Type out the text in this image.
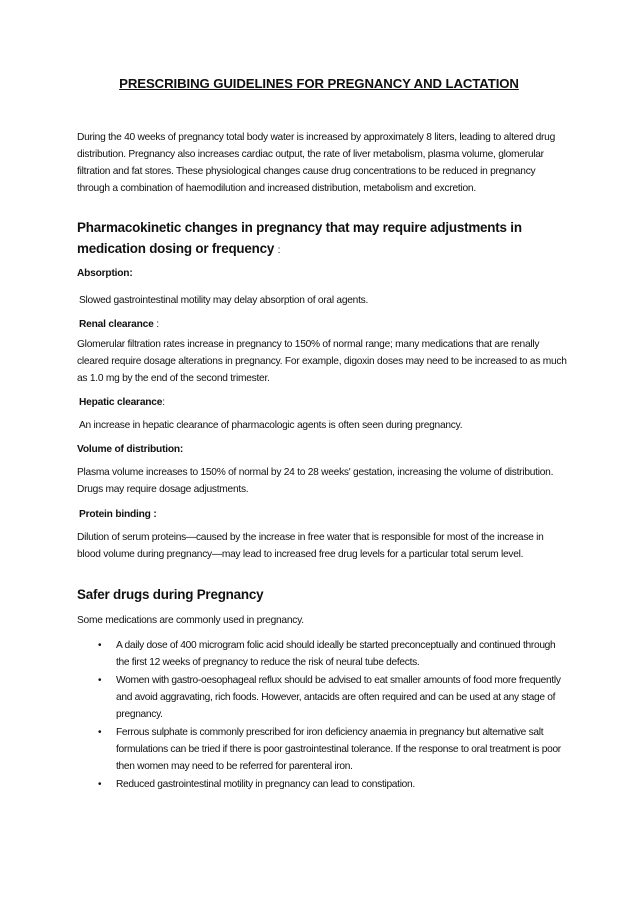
PRESCRIBING GUIDELINES FOR PREGNANCY AND LACTATION

During the 40 weeks of pregnancy total body water is increased by approximately 8 liters, leading to altered drug distribution. Pregnancy also increases cardiac output, the rate of liver metabolism, plasma volume, glomerular filtration and fat stores. These physiological changes cause drug concentrations to be reduced in pregnancy through a combination of haemodilution and increased distribution, metabolism and excretion.

Pharmacokinetic changes in pregnancy that may require adjustments in medication dosing or frequency :

Absorption:

Slowed gastrointestinal motility may delay absorption of oral agents.

Renal clearance :

Glomerular filtration rates increase in pregnancy to 150% of normal range; many medications that are renally cleared require dosage alterations in pregnancy. For example, digoxin doses may need to be increased to as much as 1.0 mg by the end of the second trimester.

Hepatic clearance:

An increase in hepatic clearance of pharmacologic agents is often seen during pregnancy.

Volume of distribution:

Plasma volume increases to 150% of normal by 24 to 28 weeks' gestation, increasing the volume of distribution. Drugs may require dosage adjustments.

Protein binding :

Dilution of serum proteins—caused by the increase in free water that is responsible for most of the increase in blood volume during pregnancy—may lead to increased free drug levels for a particular total serum level.

Safer drugs during Pregnancy

Some medications are commonly used in pregnancy.

• A daily dose of 400 microgram folic acid should ideally be started preconceptually and continued through the first 12 weeks of pregnancy to reduce the risk of neural tube defects.
• Women with gastro-oesophageal reflux should be advised to eat smaller amounts of food more frequently and avoid aggravating, rich foods. However, antacids are often required and can be used at any stage of pregnancy.
• Ferrous sulphate is commonly prescribed for iron deficiency anaemia in pregnancy but alternative salt formulations can be tried if there is poor gastrointestinal tolerance. If the response to oral treatment is poor then women may need to be referred for parenteral iron.
• Reduced gastrointestinal motility in pregnancy can lead to constipation.
